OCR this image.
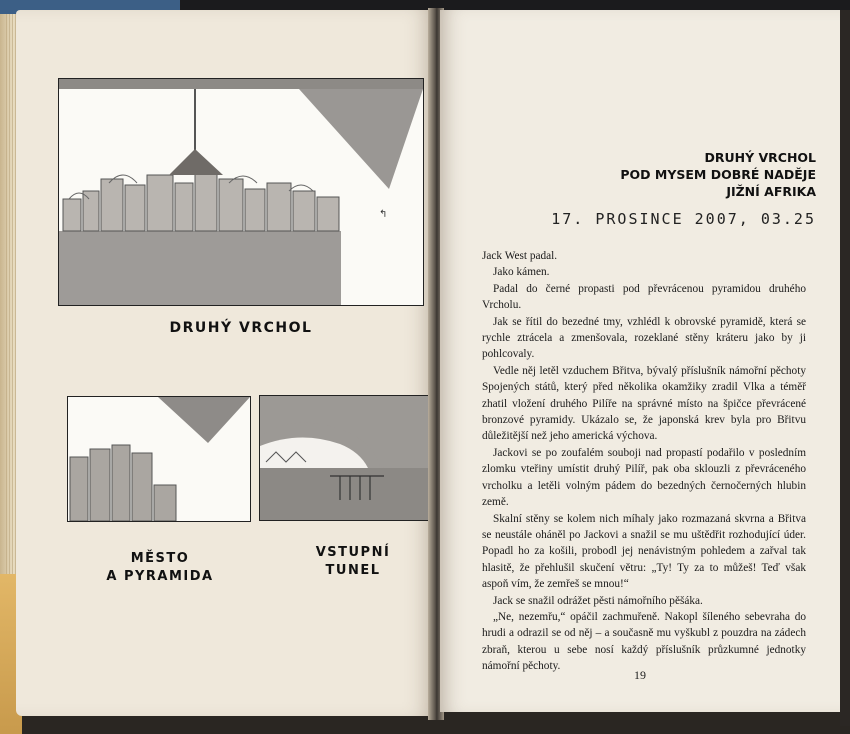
↰
DRUHÝ VRCHOL
MĚSTO
A PYRAMIDA
VSTUPNÍ
TUNEL
DRUHÝ VRCHOL
POD MYSEM DOBRÉ NADĚJE
JIŽNÍ AFRIKA
17. PROSINCE 2007, 03.25
19

Jack West padal.

Jako kámen.

Padal do černé propasti pod převrácenou pyramidou druhého Vrcholu.

Jak se řítil do bezedné tmy, vzhlédl k obrovské pyramidě, která se rychle ztrácela a zmenšovala, rozeklané stěny kráteru jako by ji pohlcovaly.

Vedle něj letěl vzduchem Břitva, bývalý příslušník námořní pěchoty Spojených států, který před několika okamžiky zradil Vlka a téměř zhatil vložení druhého Pilíře na správné místo na špičce převrácené bronzové pyramidy. Ukázalo se, že japonská krev byla pro Břitvu důležitější než jeho americká výchova.

Jackovi se po zoufalém souboji nad propastí podařilo v posledním zlomku vteřiny umístit druhý Pilíř, pak oba sklouzli z převráceného vrcholku a letěli volným pádem do bezedných černočerných hlubin země.

Skalní stěny se kolem nich míhaly jako rozmazaná skvrna a Břitva se neustále oháněl po Jackovi a snažil se mu uštědřit rozhodující úder. Popadl ho za košili, probodl jej nenávistným pohledem a zařval tak hlasitě, že přehlušil skučení větru: „Ty! Ty za to můžeš! Teď však aspoň vím, že zemřeš se mnou!“

Jack se snažil odrážet pěsti námořního pěšáka.

„Ne, nezemřu,“ opáčil zachmuřeně. Nakopl šíleného sebevraha do hrudi a odrazil se od něj – a současně mu vyškubl z pouzdra na zádech zbraň, kterou u sebe nosí každý příslušník průzkumné jednotky námořní pěchoty.
